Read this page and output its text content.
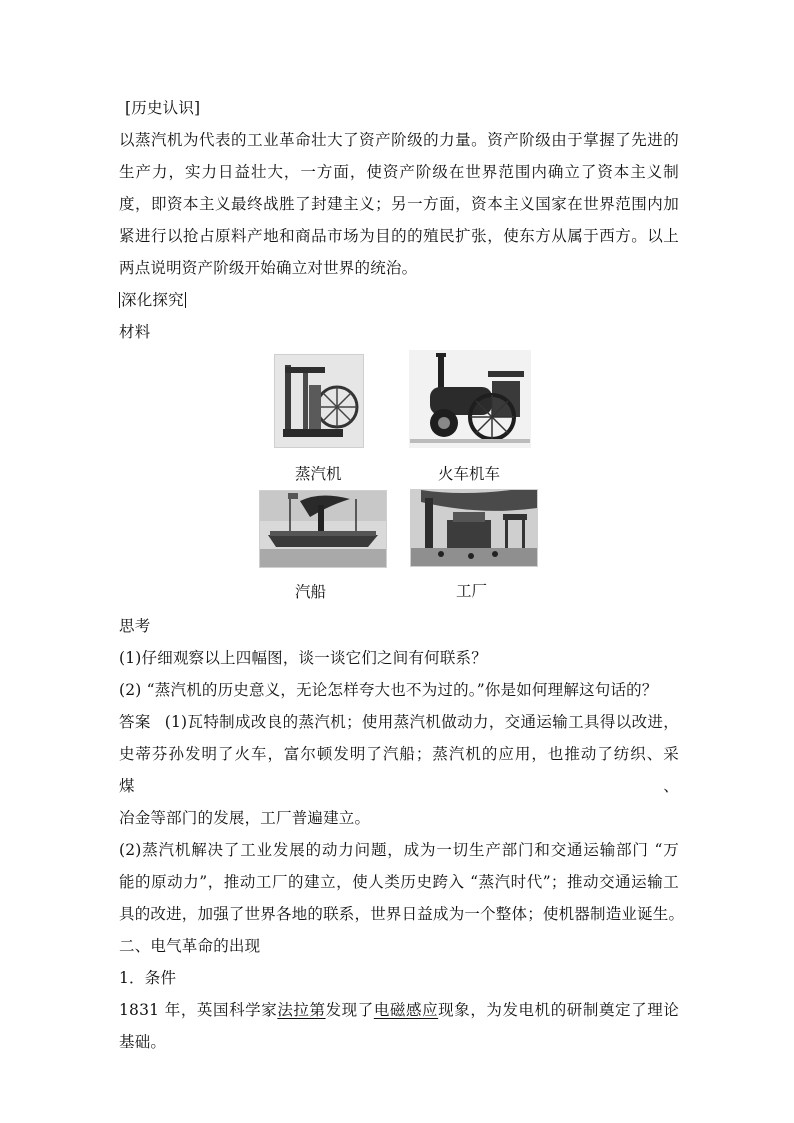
[历史认识]
以蒸汽机为代表的工业革命壮大了资产阶级的力量。资产阶级由于掌握了先进的
生产力，实力日益壮大，一方面，使资产阶级在世界范围内确立了资本主义制
度，即资本主义最终战胜了封建主义；另一方面，资本主义国家在世界范围内加
紧进行以抢占原料产地和商品市场为目的的殖民扩张，使东方从属于西方。以上
两点说明资产阶级开始确立对世界的统治。
深化探究
材料
蒸汽机	火车机车
汽船	工厂
思考
(1)仔细观察以上四幅图，谈一谈它们之间有何联系？
(2) “蒸汽机的历史意义，无论怎样夸大也不为过的。”你是如何理解这句话的？
答案 (1)瓦特制成改良的蒸汽机；使用蒸汽机做动力，交通运输工具得以改进，
史蒂芬孙发明了火车，富尔顿发明了汽船；蒸汽机的应用，也推动了纺织、采煤、
冶金等部门的发展，工厂普遍建立。
(2)蒸汽机解决了工业发展的动力问题，成为一切生产部门和交通运输部门 “万
能的原动力”，推动工厂的建立，使人类历史跨入 “蒸汽时代”；推动交通运输工
具的改进，加强了世界各地的联系，世界日益成为一个整体；使机器制造业诞生。
二、电气革命的出现
1．条件
1831 年，英国科学家法拉第发现了电磁感应现象，为发电机的研制奠定了理论
基础。
